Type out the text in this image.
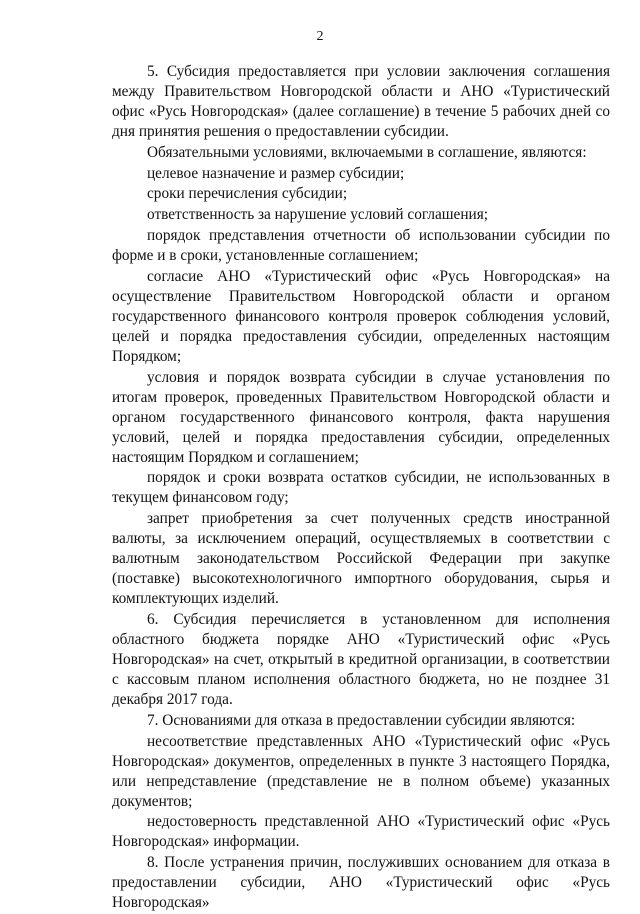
2

5. Субсидия предоставляется при условии заключения соглашения между Правительством Новгородской области и АНО «Туристический офис «Русь Новгородская» (далее соглашение) в течение 5 рабочих дней со дня принятия решения о предоставлении субсидии.

Обязательными условиями, включаемыми в соглашение, являются:

целевое назначение и размер субсидии;

сроки перечисления субсидии;

ответственность за нарушение условий соглашения;

порядок представления отчетности об использовании субсидии по форме и в сроки, установленные соглашением;

согласие АНО «Туристический офис «Русь Новгородская» на осуществление Правительством Новгородской области и органом государственного финансового контроля проверок соблюдения условий, целей и порядка предоставления субсидии, определенных настоящим Порядком;

условия и порядок возврата субсидии в случае установления по итогам проверок, проведенных Правительством Новгородской области и органом государственного финансового контроля, факта нарушения условий, целей и порядка предоставления субсидии, определенных настоящим Порядком и соглашением;

порядок и сроки возврата остатков субсидии, не использованных в текущем финансовом году;

запрет приобретения за счет полученных средств иностранной валюты, за исключением операций, осуществляемых в соответствии с валютным законодательством Российской Федерации при закупке (поставке) высокотехнологичного импортного оборудования, сырья и комплектующих изделий.

6. Субсидия перечисляется в установленном для исполнения областного бюджета порядке АНО «Туристический офис «Русь Новгородская» на счет, открытый в кредитной организации, в соответствии с кассовым планом исполнения областного бюджета, но не позднее 31 декабря 2017 года.

7. Основаниями для отказа в предоставлении субсидии являются:

несоответствие представленных АНО «Туристический офис «Русь Новгородская» документов, определенных в пункте 3 настоящего Порядка, или непредставление (представление не в полном объеме) указанных документов;

недостоверность представленной АНО «Туристический офис «Русь Новгородская» информации.

8. После устранения причин, послуживших основанием для отказа в предоставлении субсидии, АНО «Туристический офис «Русь Новгородская»
